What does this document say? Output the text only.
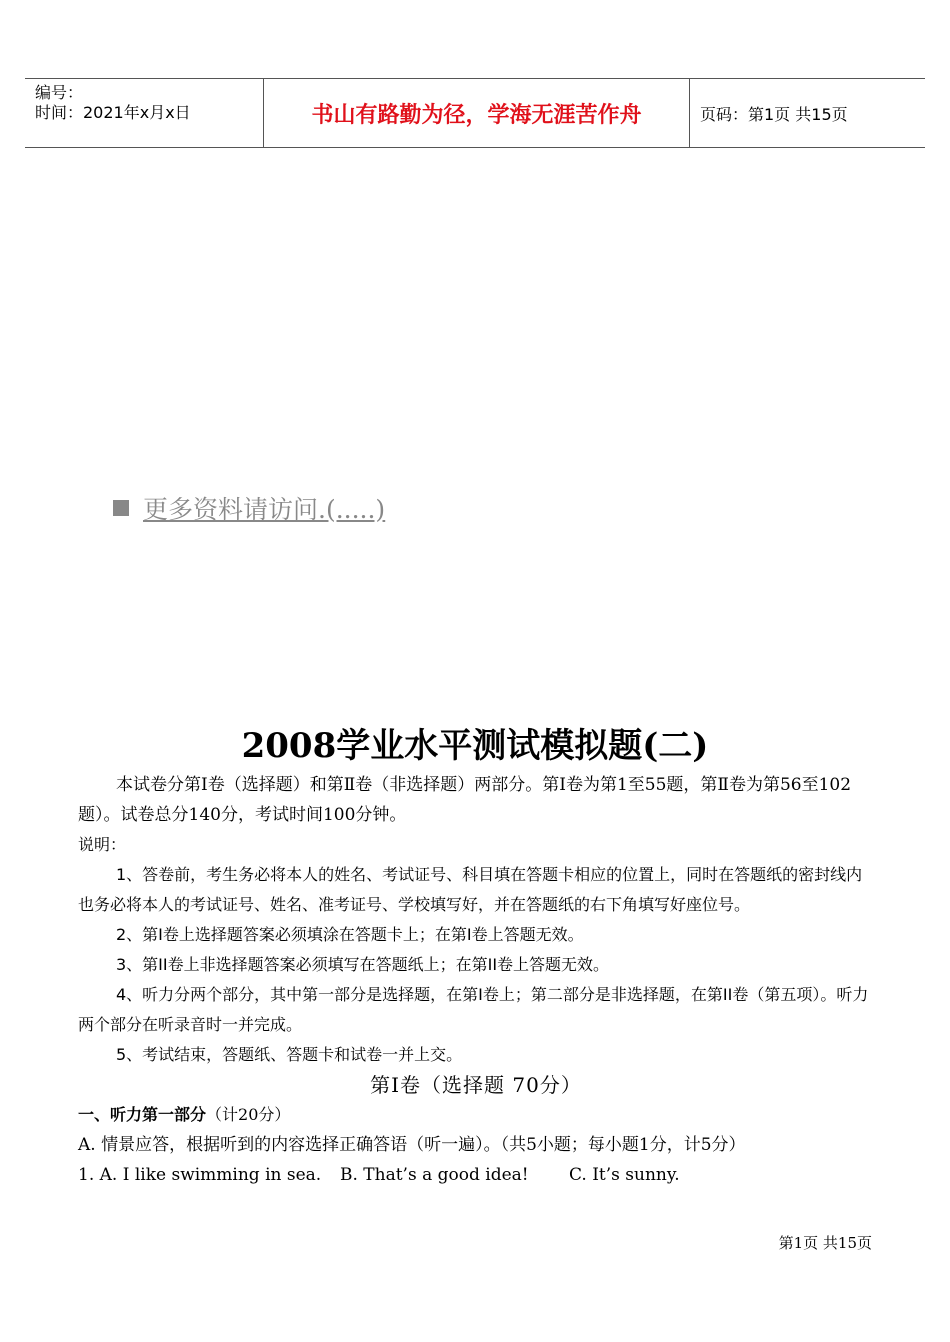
编号：
时间：2021年x月x日	书山有路勤为径，学海无涯苦作舟	页码：第1页 共15页
更多资料请访问.(.....)
2008学业水平测试模拟题(二)

本试卷分第Ⅰ卷（选择题）和第Ⅱ卷（非选择题）两部分。第Ⅰ卷为第1至55题，第Ⅱ卷为第56至102题）。试卷总分140分，考试时间100分钟。

说明：

1、答卷前，考生务必将本人的姓名、考试证号、科目填在答题卡相应的位置上，同时在答题纸的密封线内也务必将本人的考试证号、姓名、准考证号、学校填写好，并在答题纸的右下角填写好座位号。

2、第Ⅰ卷上选择题答案必须填涂在答题卡上；在第Ⅰ卷上答题无效。

3、第II卷上非选择题答案必须填写在答题纸上；在第II卷上答题无效。

4、听力分两个部分，其中第一部分是选择题，在第Ⅰ卷上；第二部分是非选择题，在第II卷（第五项）。听力两个部分在听录音时一并完成。

5、考试结束，答题纸、答题卡和试卷一并上交。

第I卷（选择题 70分）

一、听力第一部分（计20分）

A. 情景应答，根据听到的内容选择正确答语（听一遍）。（共5小题；每小题1分，计5分）

1. A. I like swimming in sea.	B. That’s a good idea!	C. It’s sunny.

第1页 共15页
